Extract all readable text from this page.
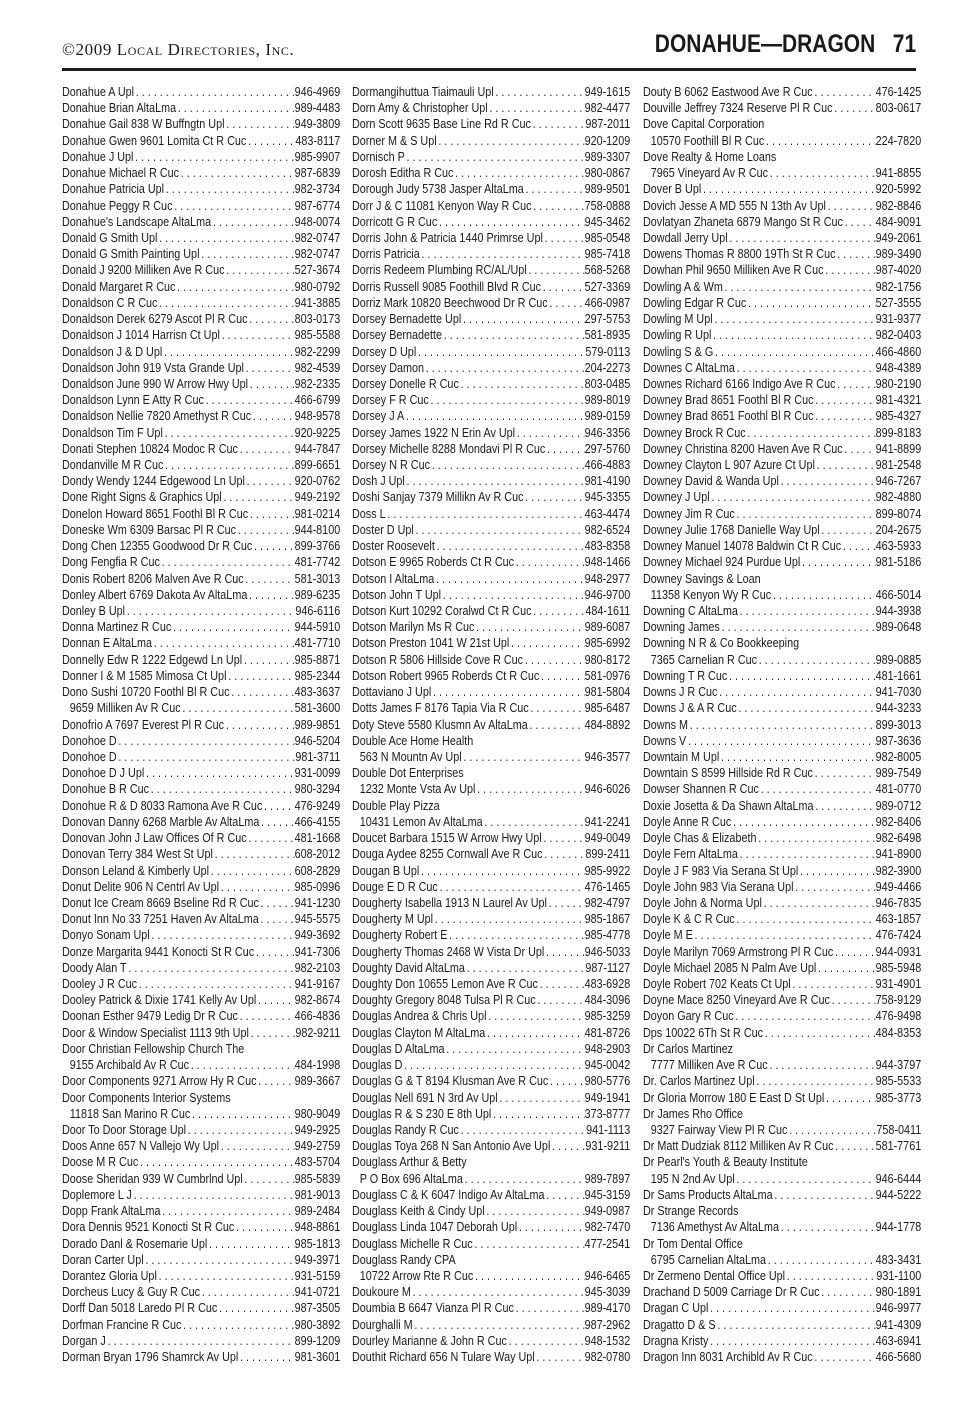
©2009 Local Directories, Inc.	DONAHUE—DRAGON 71
Donahue A Upl . . .	946-4969
Donahue Brian AltaLma . . .	989-4483
Donahue Gail 838 W Buffngtn Upl . . .	949-3809
Donahue Gwen 9601 Lomita Ct R Cuc . . .	483-8117
Donahue J Upl . . .	985-9907
Donahue Michael R Cuc . . .	987-6839
Donahue Patricia Upl . . .	982-3734
Donahue Peggy R Cuc . . .	987-6774
Donahue's Landscape AltaLma . . .	948-0074
Donald G Smith Upl . . .	982-0747
Donald G Smith Painting Upl . . .	982-0747
Donald J 9200 Milliken Ave R Cuc . . .	527-3674
Donald Margaret R Cuc . . .	980-0792
Donaldson C R Cuc . . .	941-3885
Donaldson Derek 6279 Ascot Pl R Cuc . . .	803-0173
Donaldson J 1014 Harrisn Ct Upl . . .	985-5588
Donaldson J & D Upl . . .	982-2299
Donaldson John 919 Vsta Grande Upl . . .	982-4539
Donaldson June 990 W Arrow Hwy Upl . . .	982-2335
Donaldson Lynn E Atty R Cuc . . .	466-6799
Donaldson Nellie 7820 Amethyst R Cuc . . .	948-9578
Donaldson Tim F Upl . . .	920-9225
Donati Stephen 10824 Modoc R Cuc . . .	944-7847
Dondanville M R Cuc . . .	899-6651
Dondy Wendy 1244 Edgewood Ln Upl . . .	920-0762
Done Right Signs & Graphics Upl . . .	949-2192
Donelon Howard 8651 Foothl Bl R Cuc . . .	981-0214
Doneske Wm 6309 Barsac Pl R Cuc . . .	944-8100
Dong Chen 12355 Goodwood Dr R Cuc . . .	899-3766
Dong Fengfia R Cuc . . .	481-7742
Donis Robert 8206 Malven Ave R Cuc . . .	581-3013
Donley Albert 6769 Dakota Av AltaLma . . .	989-6235
Donley B Upl . . .	946-6116
Donna Martinez R Cuc . . .	944-5910
Donnan E AltaLma . . .	481-7710
Donnelly Edw R 1222 Edgewd Ln Upl . . .	985-8871
Donner I & M 1585 Mimosa Ct Upl . . .	985-2344
Dono Sushi 10720 Foothl Bl R Cuc . . .	483-3637
9659 Milliken Av R Cuc . . .	581-3600
Donofrio A 7697 Everest Pl R Cuc . . .	989-9851
Donohoe D . . .	946-5204
Donohoe D . . .	981-3711
Donohoe D J Upl . . .	931-0099
Donohue B R Cuc . . .	980-3294
Donohue R & D 8033 Ramona Ave R Cuc . . .	476-9249
Donovan Danny 6268 Marble Av AltaLma . . .	466-4155
Donovan John J Law Offices Of R Cuc . . .	481-1668
Donovan Terry 384 West St Upl . . .	608-2012
Donson Leland & Kimberly Upl . . .	608-2829
Donut Delite 906 N Centrl Av Upl . . .	985-0996
Donut Ice Cream 8669 Bseline Rd R Cuc . . .	941-1230
Donut Inn No 33 7251 Haven Av AltaLma . . .	945-5575
Donyo Sonam Upl . . .	949-3692
Donze Margarita 9441 Konocti St R Cuc . . .	941-7306
Doody Alan T . . .	982-2103
Dooley J R Cuc . . .	941-9167
Dooley Patrick & Dixie 1741 Kelly Av Upl . . .	982-8674
Doonan Esther 9479 Ledig Dr R Cuc . . .	466-4836
Door & Window Specialist 1113 9th Upl . . .	982-9211
Door Christian Fellowship Church The
9155 Archibald Av R Cuc . . .	484-1998
Door Components 9271 Arrow Hy R Cuc . . .	989-3667
Door Components Interior Systems
11818 San Marino R Cuc . . .	980-9049
Door To Door Storage Upl . . .	949-2925
Doos Anne 657 N Vallejo Wy Upl . . .	949-2759
Doose M R Cuc . . .	483-5704
Doose Sheridan 939 W Cumbrlnd Upl . . .	985-5839
Doplemore L J . . .	981-9013
Dopp Frank AltaLma . . .	989-2484
Dora Dennis 9521 Konocti St R Cuc . . .	948-8861
Dorado Danl & Rosemarie Upl . . .	985-1813
Doran Carter Upl . . .	949-3971
Dorantez Gloria Upl . . .	931-5159
Dorcheus Lucy & Guy R Cuc . . .	941-0721
Dorff Dan 5018 Laredo Pl R Cuc . . .	987-3505
Dorfman Francine R Cuc . . .	980-3892
Dorgan J . . .	899-1209
Dorman Bryan 1796 Shamrck Av Upl . . .	981-3601
Dormangihuttua Tiaimauli Upl . . .	949-1615
Dorn Amy & Christopher Upl . . .	982-4477
Dorn Scott 9635 Base Line Rd R Cuc . . .	987-2011
Dorner M & S Upl . . .	920-1209
Dornisch P . . .	989-3307
Dorosh Editha R Cuc . . .	980-0867
Dorough Judy 5738 Jasper AltaLma . . .	989-9501
Dorr J & C 11081 Kenyon Way R Cuc . . .	758-0888
Dorricott G R Cuc . . .	945-3462
Dorris John & Patricia 1440 Primrse Upl . . .	985-0548
Dorris Patricia . . .	985-7418
Dorris Redeem Plumbing RC/AL/Upl . . .	568-5268
Dorris Russell 9085 Foothill Blvd R Cuc . . .	527-3369
Dorriz Mark 10820 Beechwood Dr R Cuc . . .	466-0987
Dorsey Bernadette Upl . . .	297-5753
Dorsey Bernadette . . .	581-8935
Dorsey D Upl . . .	579-0113
Dorsey Damon . . .	204-2273
Dorsey Donelle R Cuc . . .	803-0485
Dorsey F R Cuc . . .	989-8019
Dorsey J A . . .	989-0159
Dorsey James 1922 N Erin Av Upl . . .	946-3356
Dorsey Michelle 8288 Mondavi Pl R Cuc . . .	297-5760
Dorsey N R Cuc . . .	466-4883
Dosh J Upl . . .	981-4190
Doshi Sanjay 7379 Millikn Av R Cuc . . .	945-3355
Doss L . . .	463-4474
Doster D Upl . . .	982-6524
Doster Roosevelt . . .	483-8358
Dotson E 9965 Roberds Ct R Cuc . . .	948-1466
Dotson I AltaLma . . .	948-2977
Dotson John T Upl . . .	946-9700
Dotson Kurt 10292 Coralwd Ct R Cuc . . .	484-1611
Dotson Marilyn Ms R Cuc . . .	989-6087
Dotson Preston 1041 W 21st Upl . . .	985-6992
Dotson R 5806 Hillside Cove R Cuc . . .	980-8172
Dotson Robert 9965 Roberds Ct R Cuc . . .	581-0976
Dottaviano J Upl . . .	981-5804
Dotts James F 8176 Tapia Via R Cuc . . .	985-6487
Doty Steve 5580 Klusmn Av AltaLma . . .	484-8892
Double Ace Home Health
563 N Mountn Av Upl . . .	946-3577
Double Dot Enterprises
1232 Monte Vsta Av Upl . . .	946-6026
Double Play Pizza
10431 Lemon Av AltaLma . . .	941-2241
Doucet Barbara 1515 W Arrow Hwy Upl . . .	949-0049
Douga Aydee 8255 Cornwall Ave R Cuc . . .	899-2411
Dougan B Upl . . .	985-9922
Douge E D R Cuc . . .	476-1465
Dougherty Isabella 1913 N Laurel Av Upl . . .	982-4797
Dougherty M Upl . . .	985-1867
Dougherty Robert E . . .	985-4778
Dougherty Thomas 2468 W Vista Dr Upl . . .	946-5033
Doughty David AltaLma . . .	987-1127
Doughty Don 10655 Lemon Ave R Cuc . . .	483-6928
Doughty Gregory 8048 Tulsa Pl R Cuc . . .	484-3096
Douglas Andrea & Chris Upl . . .	985-3259
Douglas Clayton M AltaLma . . .	481-8726
Douglas D AltaLma . . .	948-2903
Douglas D . . .	945-0042
Douglas G & T 8194 Klusman Ave R Cuc . . .	980-5776
Douglas Nell 691 N 3rd Av Upl . . .	949-1941
Douglas R & S 230 E 8th Upl . . .	373-8777
Douglas Randy R Cuc . . .	941-1113
Douglas Toya 268 N San Antonio Ave Upl . . .	931-9211
Douglass Arthur & Betty
P O Box 696 AltaLma . . .	989-7897
Douglass C & K 6047 Indigo Av AltaLma . . .	945-3159
Douglass Keith & Cindy Upl . . .	949-0987
Douglass Linda 1047 Deborah Upl . . .	982-7470
Douglass Michelle R Cuc . . .	477-2541
Douglass Randy CPA
10722 Arrow Rte R Cuc . . .	946-6465
Doukoure M . . .	945-3039
Doumbia B 6647 Vianza Pl R Cuc . . .	989-4170
Dourghalli M . . .	987-2962
Dourley Marianne & John R Cuc . . .	948-1532
Douthit Richard 656 N Tulare Way Upl . . .	982-0780
Douty B 6062 Eastwood Ave R Cuc . . .	476-1425
Douville Jeffrey 7324 Reserve Pl R Cuc . . .	803-0617
Dove Capital Corporation
10570 Foothill Bl R Cuc . . .	224-7820
Dove Realty & Home Loans
7965 Vineyard Av R Cuc . . .	941-8855
Dover B Upl . . .	920-5992
Dovich Jesse A MD 555 N 13th Av Upl . . .	982-8846
Dovlatyan Zhaneta 6879 Mango St R Cuc . . .	484-9091
Dowdall Jerry Upl . . .	949-2061
Dowens Thomas R 8800 19Th St R Cuc . . .	989-3490
Dowhan Phil 9650 Milliken Ave R Cuc . . .	987-4020
Dowling A & Wm . . .	982-1756
Dowling Edgar R Cuc . . .	527-3555
Dowling M Upl . . .	931-9377
Dowling R Upl . . .	982-0403
Dowling S & G . . .	466-4860
Downes C AltaLma . . .	948-4389
Downes Richard 6166 Indigo Ave R Cuc . . .	980-2190
Downey Brad 8651 Foothl Bl R Cuc . . .	981-4321
Downey Brad 8651 Foothl Bl R Cuc . . .	985-4327
Downey Brock R Cuc . . .	899-8183
Downey Christina 8200 Haven Ave R Cuc . . .	941-8899
Downey Clayton L 907 Azure Ct Upl . . .	981-2548
Downey David & Wanda Upl . . .	946-7267
Downey J Upl . . .	982-4880
Downey Jim R Cuc . . .	899-8074
Downey Julie 1768 Danielle Way Upl . . .	204-2675
Downey Manuel 14078 Baldwin Ct R Cuc . . .	463-5933
Downey Michael 924 Purdue Upl . . .	981-5186
Downey Savings & Loan
11358 Kenyon Wy R Cuc . . .	466-5014
Downing C AltaLma . . .	944-3938
Downing James . . .	989-0648
Downing N R & Co Bookkeeping
7365 Carnelian R Cuc . . .	989-0885
Downing T R Cuc . . .	481-1661
Downs J R Cuc . . .	941-7030
Downs J & A R Cuc . . .	944-3233
Downs M . . .	899-3013
Downs V . . .	987-3636
Downtain M Upl . . .	982-8005
Downtain S 8599 Hillside Rd R Cuc . . .	989-7549
Dowser Shannen R Cuc . . .	481-0770
Doxie Josetta & Da Shawn AltaLma . . .	989-0712
Doyle Anne R Cuc . . .	982-8406
Doyle Chas & Elizabeth . . .	982-6498
Doyle Fern AltaLma . . .	941-8900
Doyle J F 983 Via Serana St Upl . . .	982-3900
Doyle John 983 Via Serana Upl . . .	949-4466
Doyle John & Norma Upl . . .	946-7835
Doyle K & C R Cuc . . .	463-1857
Doyle M E . . .	476-7424
Doyle Marilyn 7069 Armstrong Pl R Cuc . . .	944-0931
Doyle Michael 2085 N Palm Ave Upl . . .	985-5948
Doyle Robert 702 Keats Ct Upl . . .	931-4901
Doyne Mace 8250 Vineyard Ave R Cuc . . .	758-9129
Doyon Gary R Cuc . . .	476-9498
Dps 10022 6Th St R Cuc . . .	484-8353
Dr Carlos Martinez
7777 Milliken Ave R Cuc . . .	944-3797
Dr. Carlos Martinez Upl . . .	985-5533
Dr Gloria Morrow 180 E East D St Upl . . .	985-3773
Dr James Rho Office
9327 Fairway View Pl R Cuc . . .	758-0411
Dr Matt Dudziak 8112 Milliken Av R Cuc . . .	581-7761
Dr Pearl's Youth & Beauty Institute
195 N 2nd Av Upl . . .	946-6444
Dr Sams Products AltaLma . . .	944-5222
Dr Strange Records
7136 Amethyst Av AltaLma . . .	944-1778
Dr Tom Dental Office
6795 Carnelian AltaLma . . .	483-3431
Dr Zermeno Dental Office Upl . . .	931-1100
Drachand D 5009 Carriage Dr R Cuc . . .	980-1891
Dragan C Upl . . .	946-9977
Dragatto D & S . . .	941-4309
Dragna Kristy . . .	463-6941
Dragon Inn 8031 Archibld Av R Cuc . . .	466-5680
